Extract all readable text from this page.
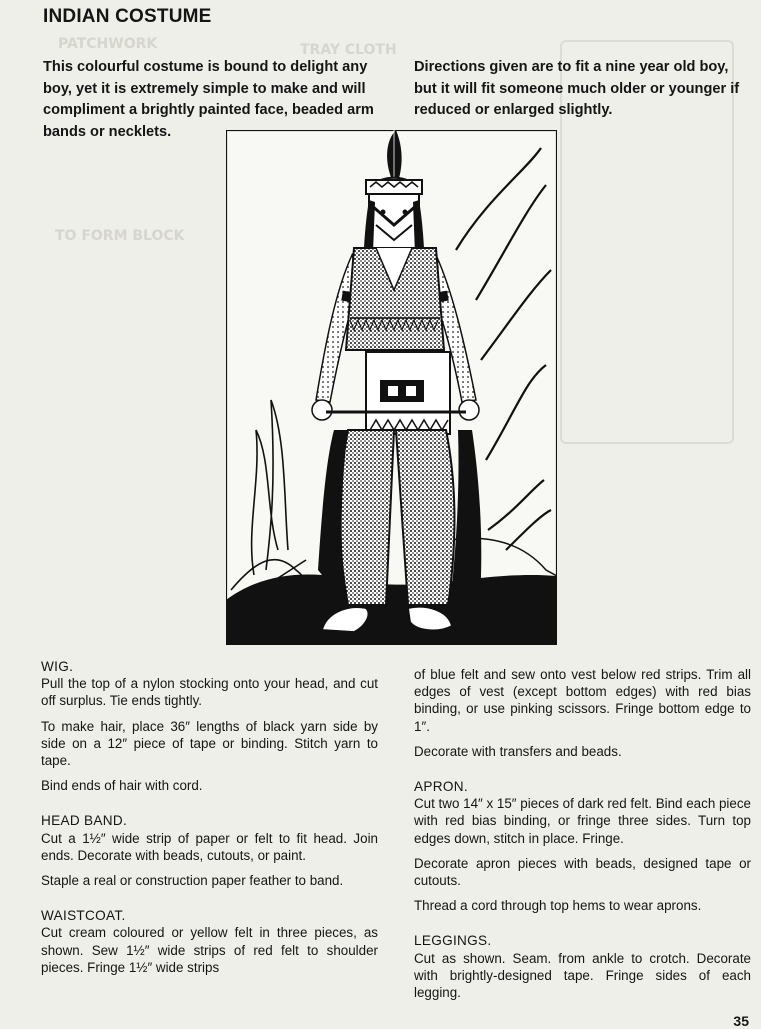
PATCHWORK	TRAY CLOTH
TO FORM BLOCK
INDIAN COSTUME

This colourful costume is bound to delight any boy, yet it is extremely simple to make and will compliment a brightly painted face, beaded arm bands or necklets.

Directions given are to fit a nine year old boy, but it will fit someone much older or younger if reduced or enlarged slightly.

WIG.

Pull the top of a nylon stocking onto your head, and cut off surplus. Tie ends tightly.

To make hair, place 36″ lengths of black yarn side by side on a 12″ piece of tape or binding. Stitch yarn to tape.

Bind ends of hair with cord.

HEAD BAND.

Cut a 1½″ wide strip of paper or felt to fit head. Join ends. Decorate with beads, cutouts, or paint.

Staple a real or construction paper feather to band.

WAISTCOAT.

Cut cream coloured or yellow felt in three pieces, as shown. Sew 1½″ wide strips of red felt to shoulder pieces. Fringe 1½″ wide strips

of blue felt and sew onto vest below red strips. Trim all edges of vest (except bottom edges) with red bias binding, or use pinking scissors. Fringe bottom edge to 1″.

Decorate with transfers and beads.

APRON.

Cut two 14″ x 15″ pieces of dark red felt. Bind each piece with red bias binding, or fringe three sides. Turn top edges down, stitch in place. Fringe.

Decorate apron pieces with beads, designed tape or cutouts.

Thread a cord through top hems to wear aprons.

LEGGINGS.

Cut as shown. Seam. from ankle to crotch. Decorate with brightly-designed tape. Fringe sides of each legging.

35
